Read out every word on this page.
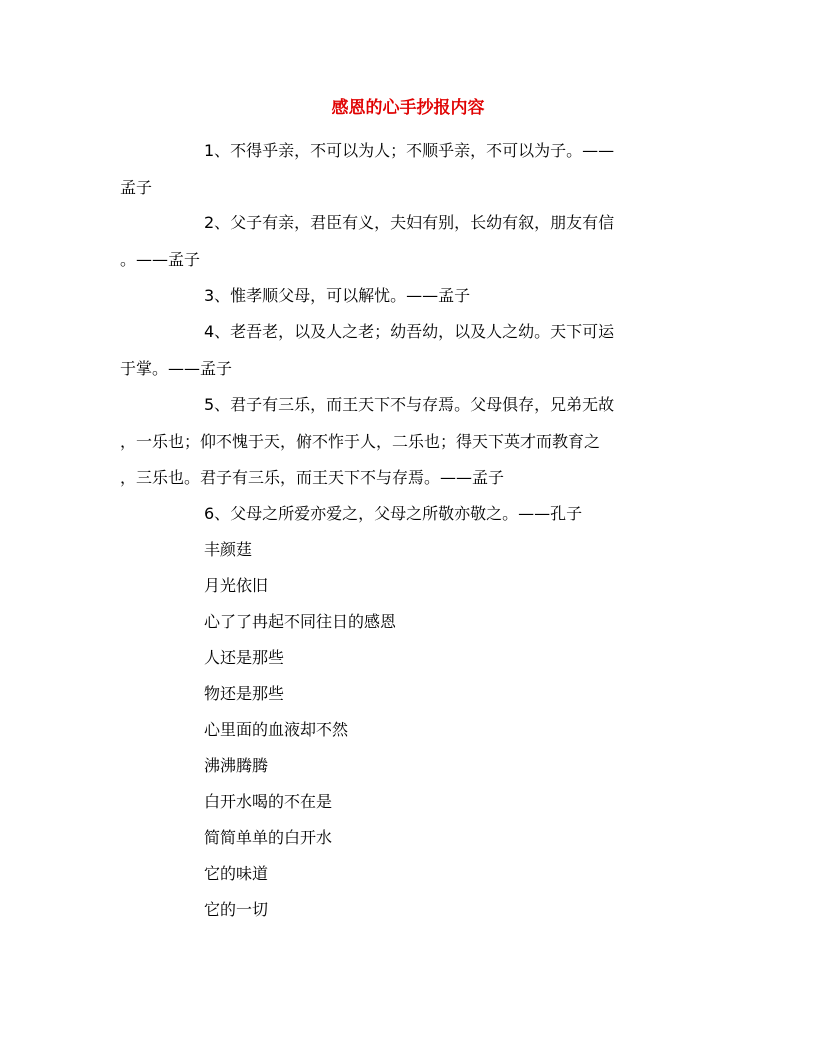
感恩的心手抄报内容
1、不得乎亲，不可以为人；不顺乎亲，不可以为子。——
孟子
2、父子有亲，君臣有义，夫妇有别，长幼有叙，朋友有信
。——孟子
3、惟孝顺父母，可以解忧。——孟子
4、老吾老，以及人之老；幼吾幼，以及人之幼。天下可运
于掌。——孟子
5、君子有三乐，而王天下不与存焉。父母俱存，兄弟无故
，一乐也；仰不愧于天，俯不怍于人，二乐也；得天下英才而教育之
，三乐也。君子有三乐，而王天下不与存焉。——孟子
6、父母之所爱亦爱之，父母之所敬亦敬之。——孔子
丰颜莛
月光依旧
心了了冉起不同往日的感恩
人还是那些
物还是那些
心里面的血液却不然
沸沸腾腾
白开水喝的不在是
简简单单的白开水
它的味道
它的一切
